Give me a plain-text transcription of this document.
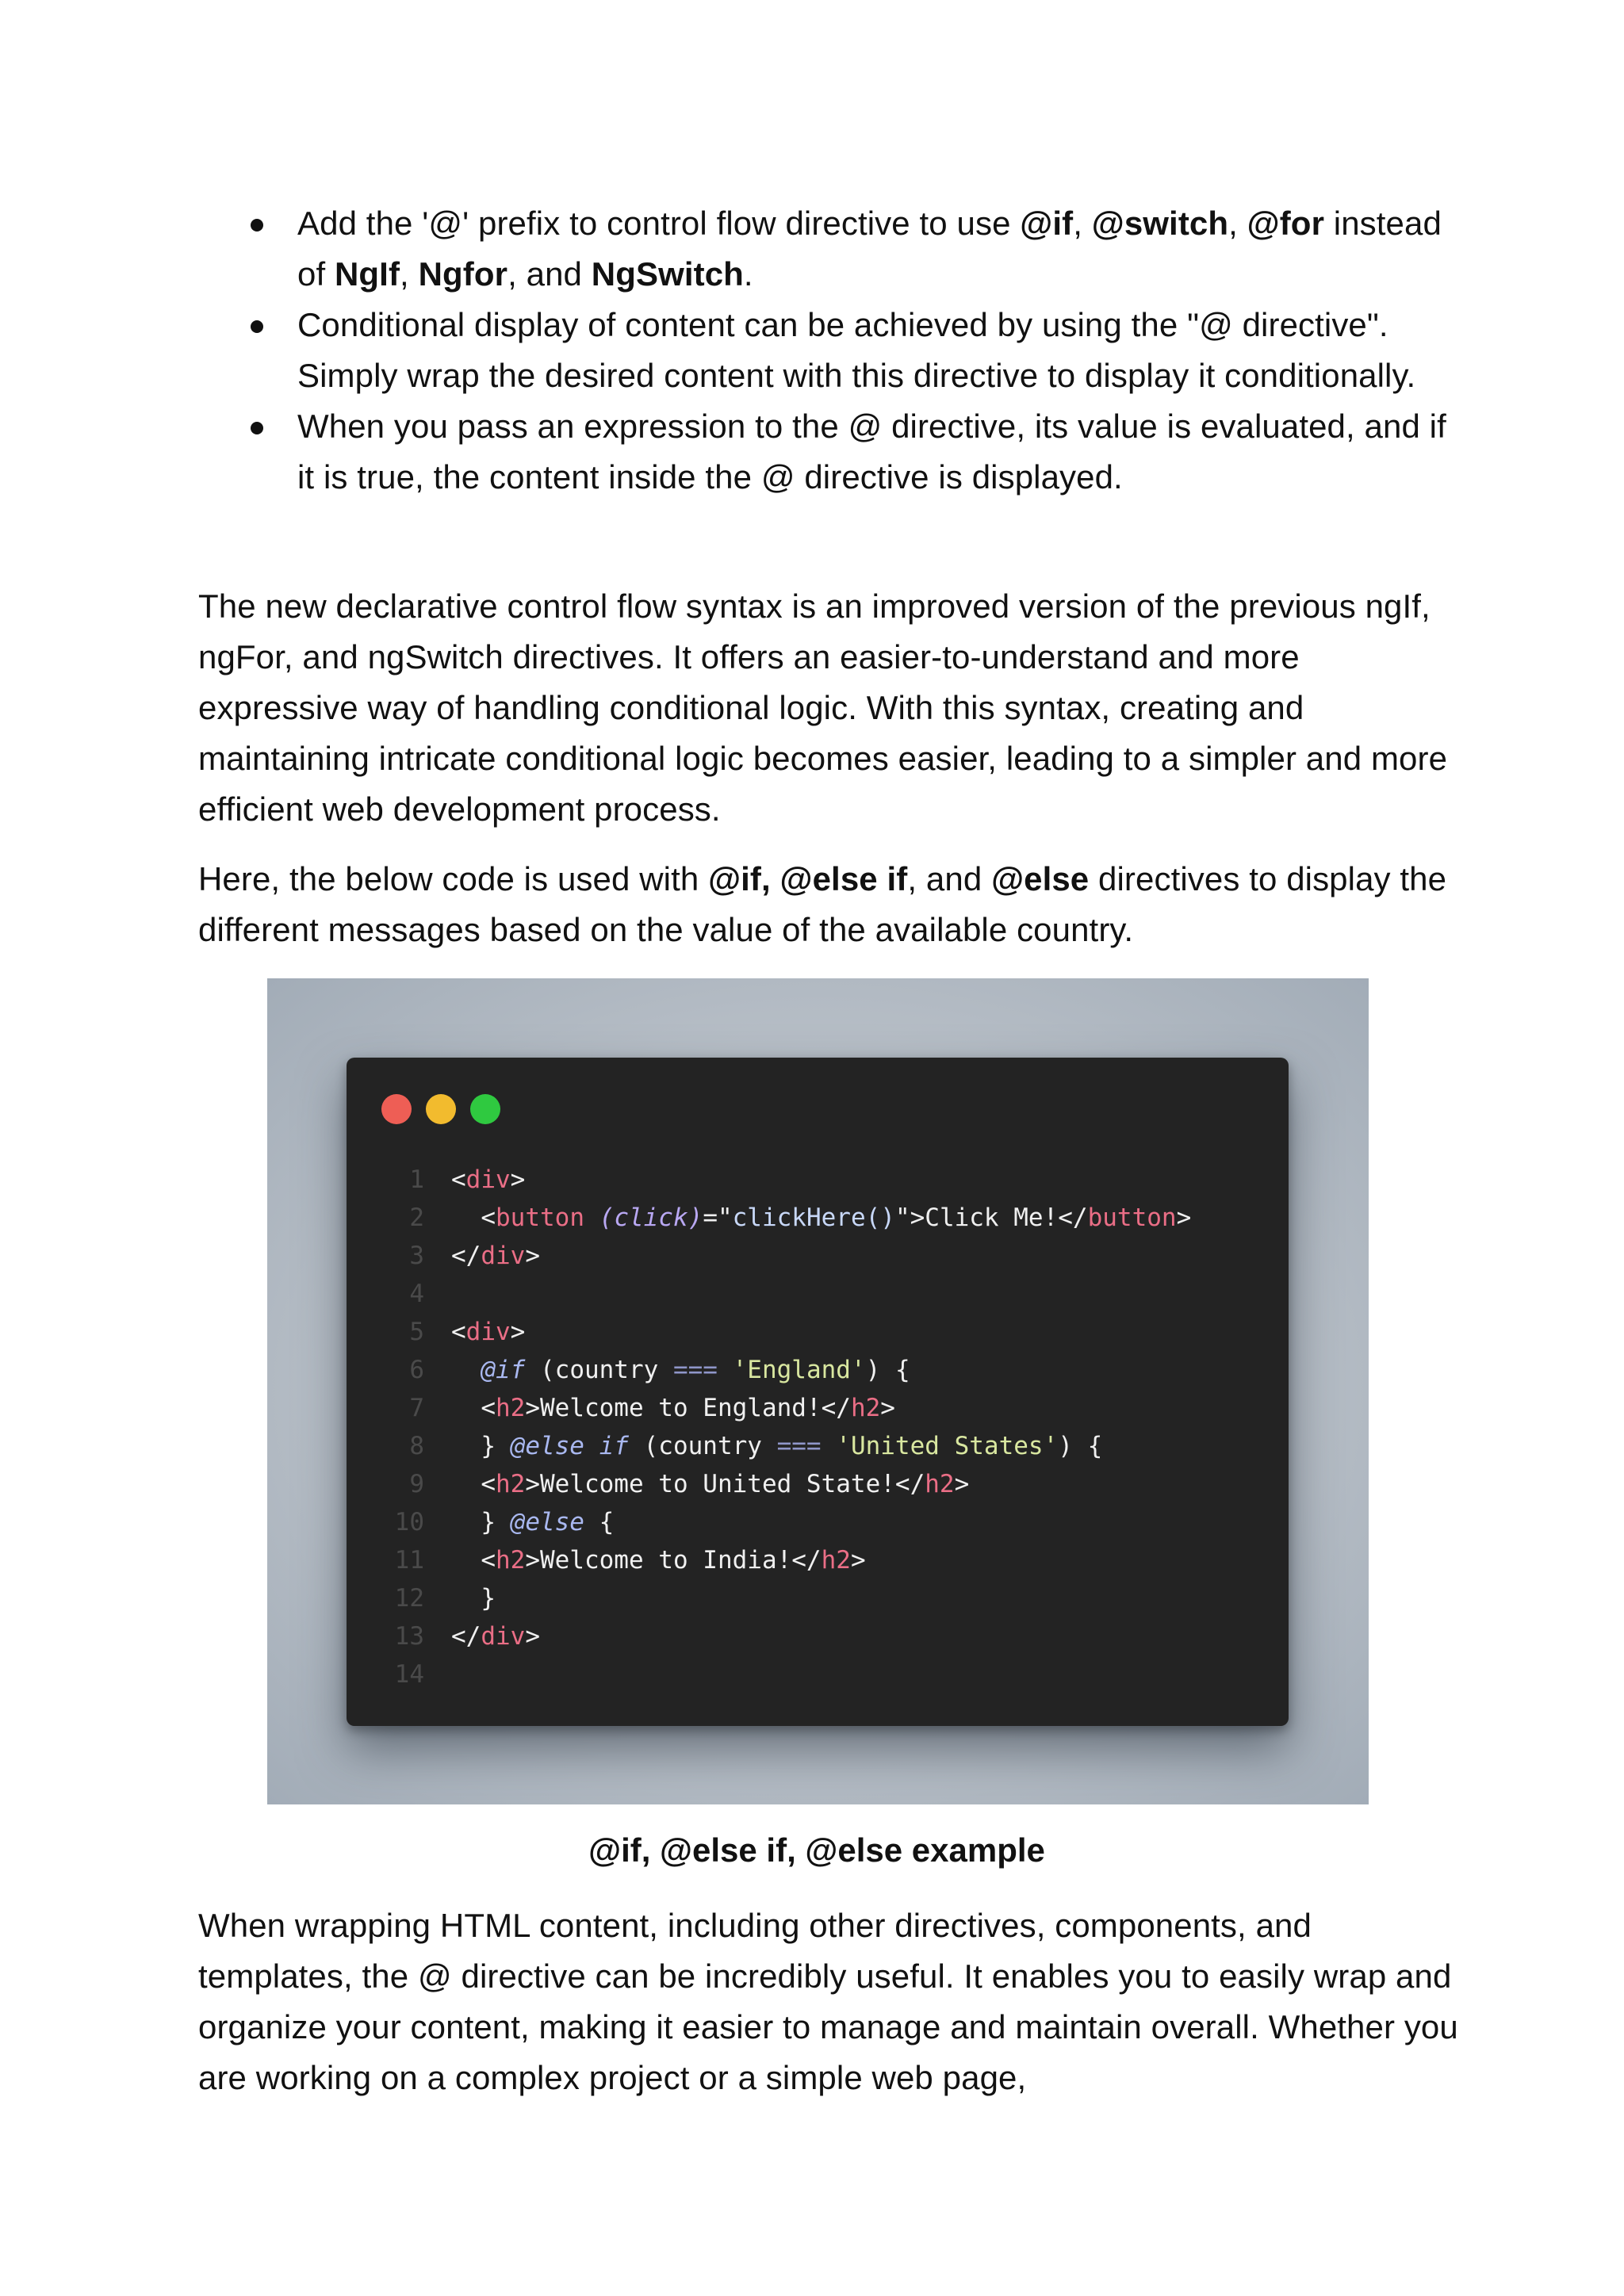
Add the '@' prefix to control flow directive to use @if, @switch, @for instead of NgIf, Ngfor, and NgSwitch.
Conditional display of content can be achieved by using the "@ directive". Simply wrap the desired content with this directive to display it conditionally.
When you pass an expression to the @ directive, its value is evaluated, and if it is true, the content inside the @ directive is displayed.

The new declarative control flow syntax is an improved version of the previous ngIf, ngFor, and ngSwitch directives. It offers an easier-to-understand and more expressive way of handling conditional logic. With this syntax, creating and maintaining intricate conditional logic becomes easier, leading to a simpler and more efficient web development process.

Here, the below code is used with @if, @else if, and @else directives to display the different messages based on the value of the available country.

1 <div>
2  <button (click)="clickHere()">Click Me!</button>
3 </div>
4
5 <div>
6 @if (country === 'England') {
7  <h2>Welcome to England!</h2>
8  } @else if (country === 'United States') {
9  <h2>Welcome to United State!</h2>
10  } @else {
11  <h2>Welcome to India!</h2>
12  }
13 </div>
14

@if, @else if, @else example

When wrapping HTML content, including other directives, components, and templates, the @ directive can be incredibly useful. It enables you to easily wrap and organize your content, making it easier to manage and maintain overall. Whether you are working on a complex project or a simple web page,
